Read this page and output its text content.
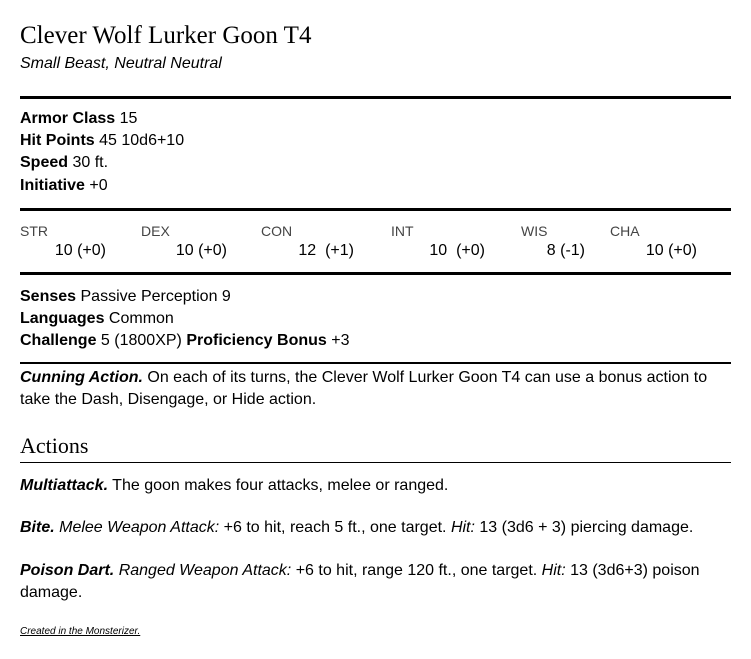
Clever Wolf Lurker Goon T4
Small Beast, Neutral Neutral
Armor Class 15
Hit Points 45 10d6+10
Speed 30 ft.
Initiative +0
STR	DEX	CON	INT	WIS	CHA
10 (+0)	10 (+0)	12  (+1)	10  (+0)	8 (-1)	10 (+0)
Senses Passive Perception 9
Languages Common
Challenge 5 (1800XP) Proficiency Bonus +3
Cunning Action. On each of its turns, the Clever Wolf Lurker Goon T4 can use a bonus action to take the Dash, Disengage, or Hide action.
Actions
Multiattack. The goon makes four attacks, melee or ranged.
Bite. Melee Weapon Attack: +6 to hit, reach 5 ft., one target. Hit: 13 (3d6 + 3) piercing damage.
Poison Dart. Ranged Weapon Attack: +6 to hit, range 120 ft., one target. Hit: 13 (3d6+3) poison damage.
Created in the Monsterizer.
